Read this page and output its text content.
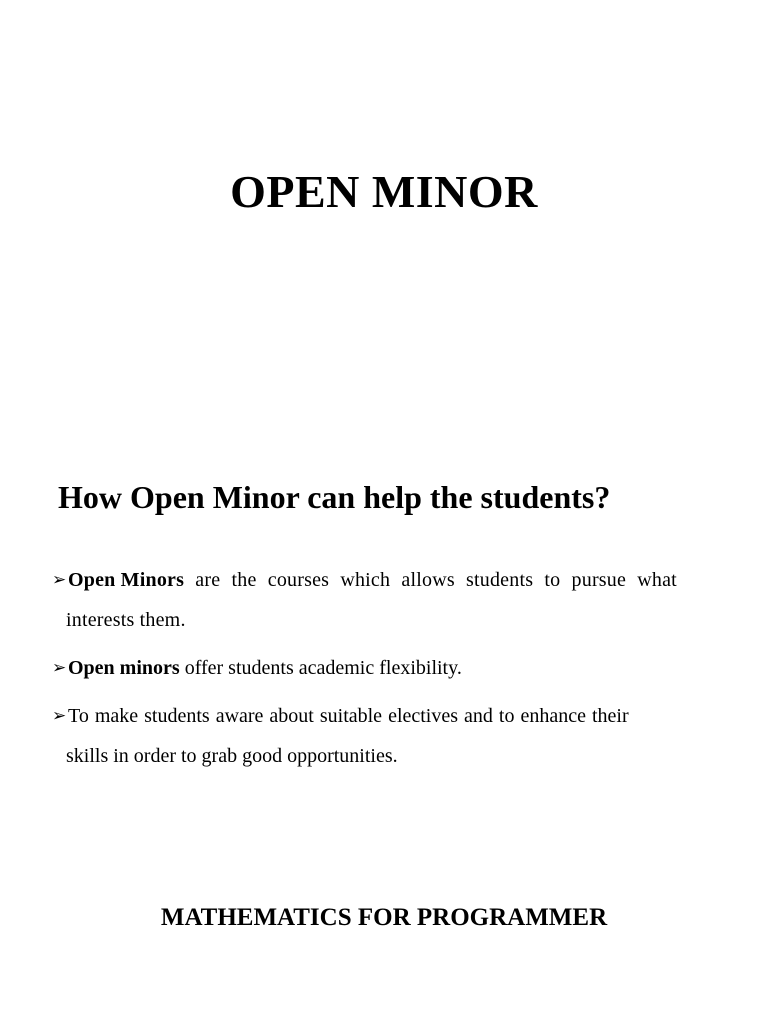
OPEN MINOR
How Open Minor can help the students?
➢Open Minors are the courses which allows students to pursue what
interests them.
➢Open minors offer students academic flexibility.
➢To make students aware about suitable electives and to enhance their
skills in order to grab good opportunities.
MATHEMATICS FOR PROGRAMMER
